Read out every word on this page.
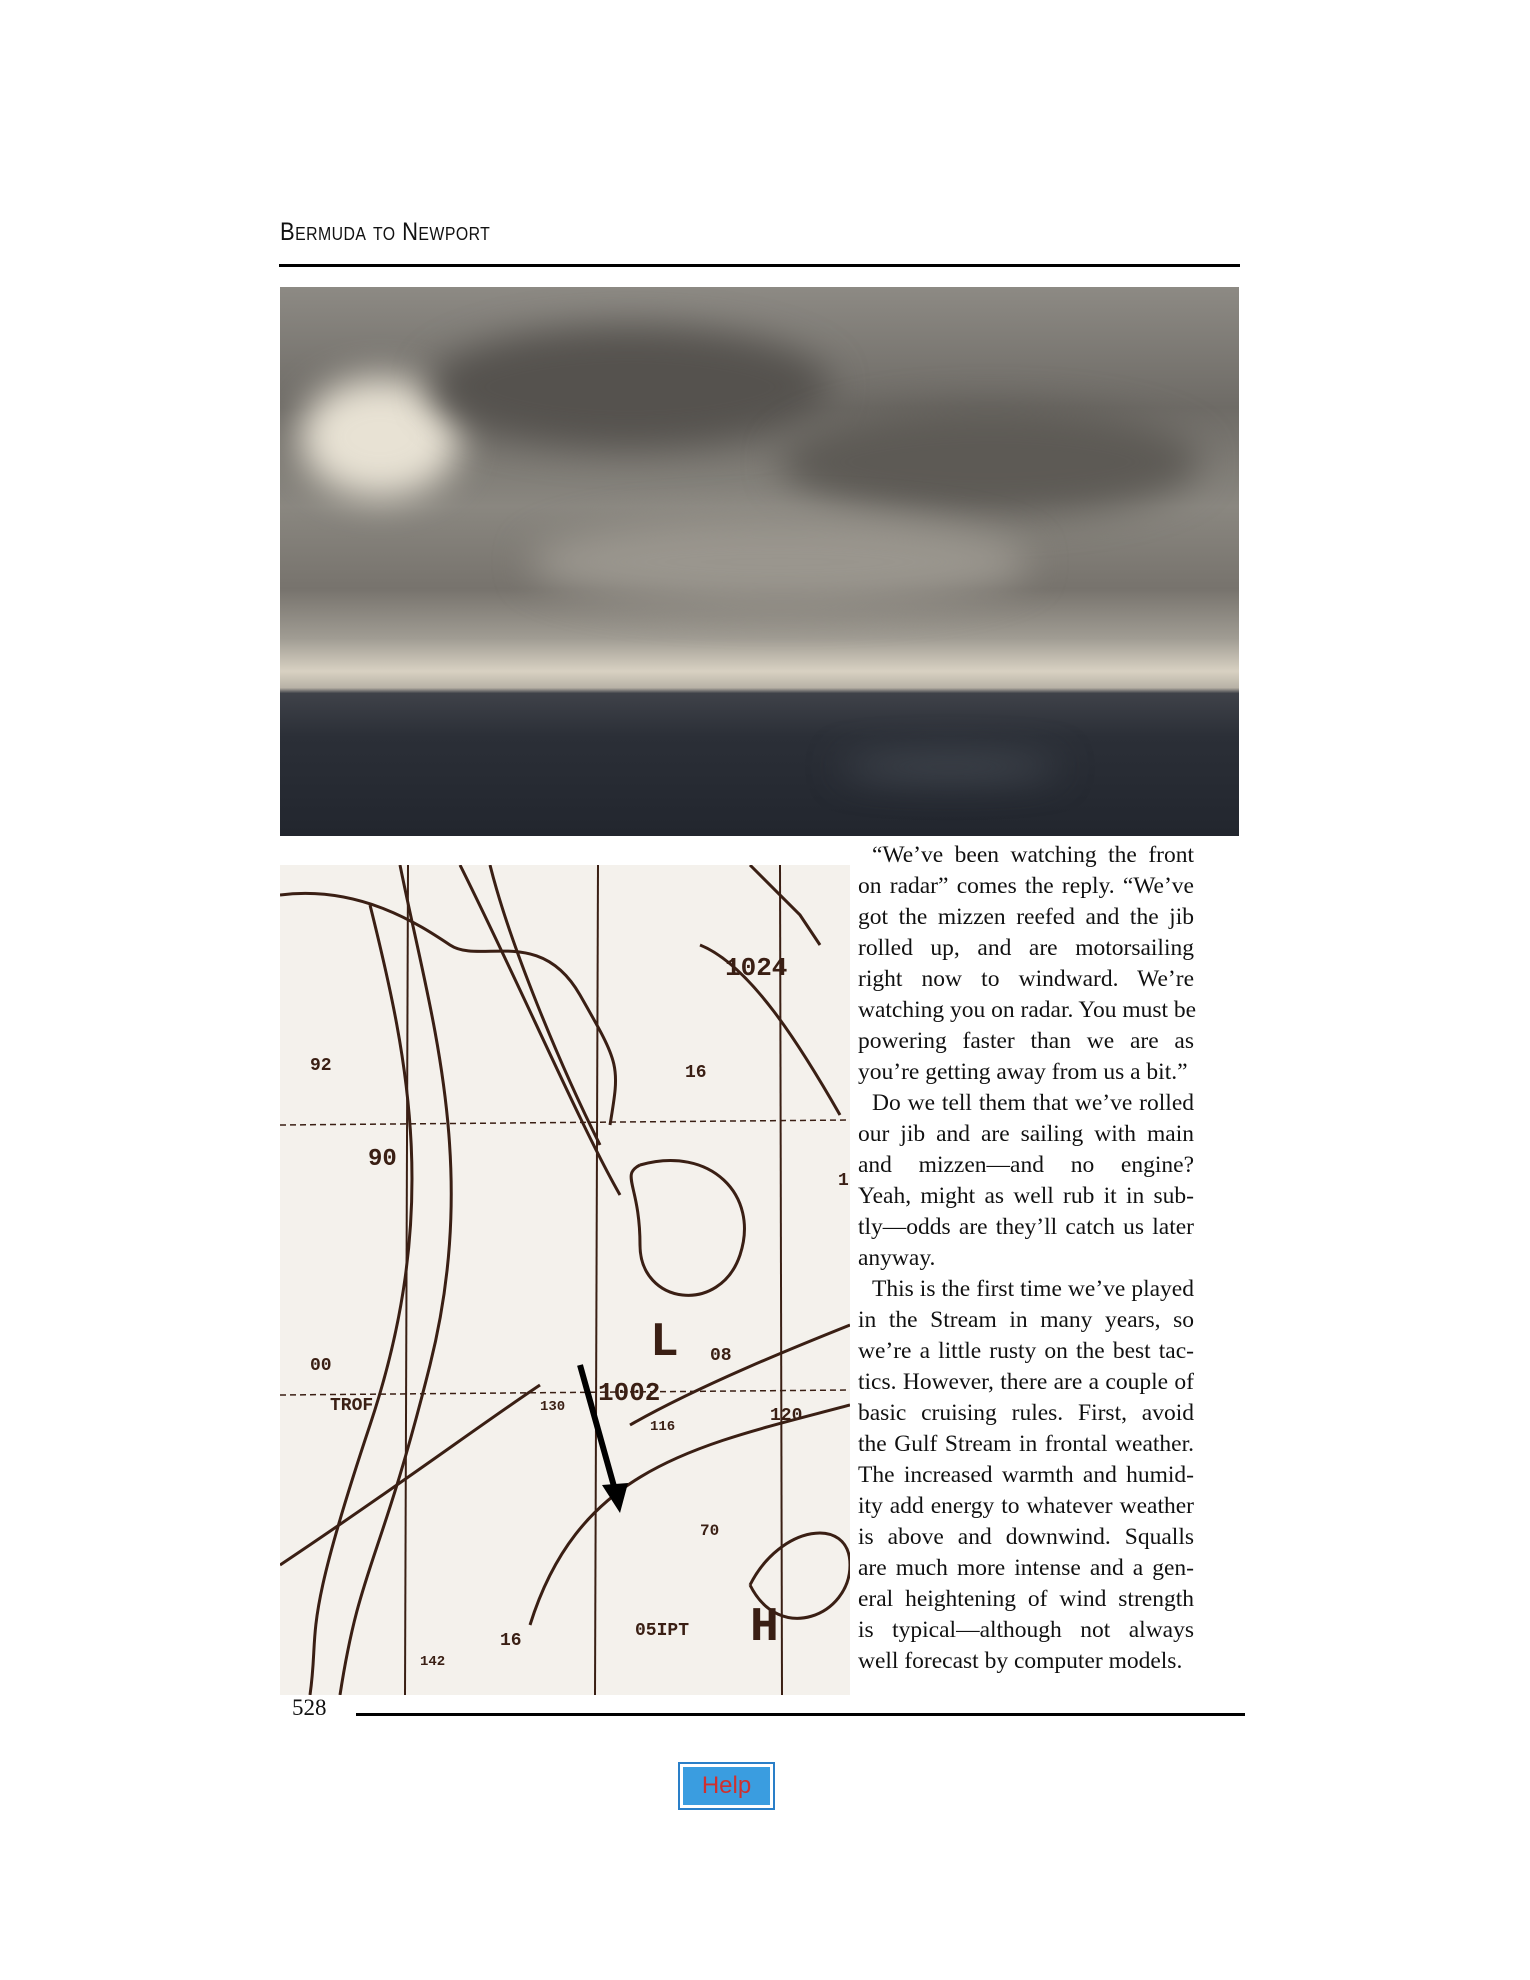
Bermuda to Newport
1024
92	16
90
1
08
1002
00
TROF	130
116
120
70
H
L
16
142
05IPT
“We’ve been watching the front
on radar” comes the reply. “We’ve
got the mizzen reefed and the jib
rolled up, and are motorsailing
right now to windward. We’re
watching you on radar. You must be
powering faster than we are as
you’re getting away from us a bit.”
Do we tell them that we’ve rolled
our jib and are sailing with main
and mizzen—and no engine?
Yeah, might as well rub it in sub-
tly—odds are they’ll catch us later
anyway.
This is the first time we’ve played
in the Stream in many years, so
we’re a little rusty on the best tac-
tics. However, there are a couple of
basic cruising rules. First, avoid
the Gulf Stream in frontal weather.
The increased warmth and humid-
ity add energy to whatever weather
is above and downwind. Squalls
are much more intense and a gen-
eral heightening of wind strength
is typical—although not always
well forecast by computer models.
528
Help
